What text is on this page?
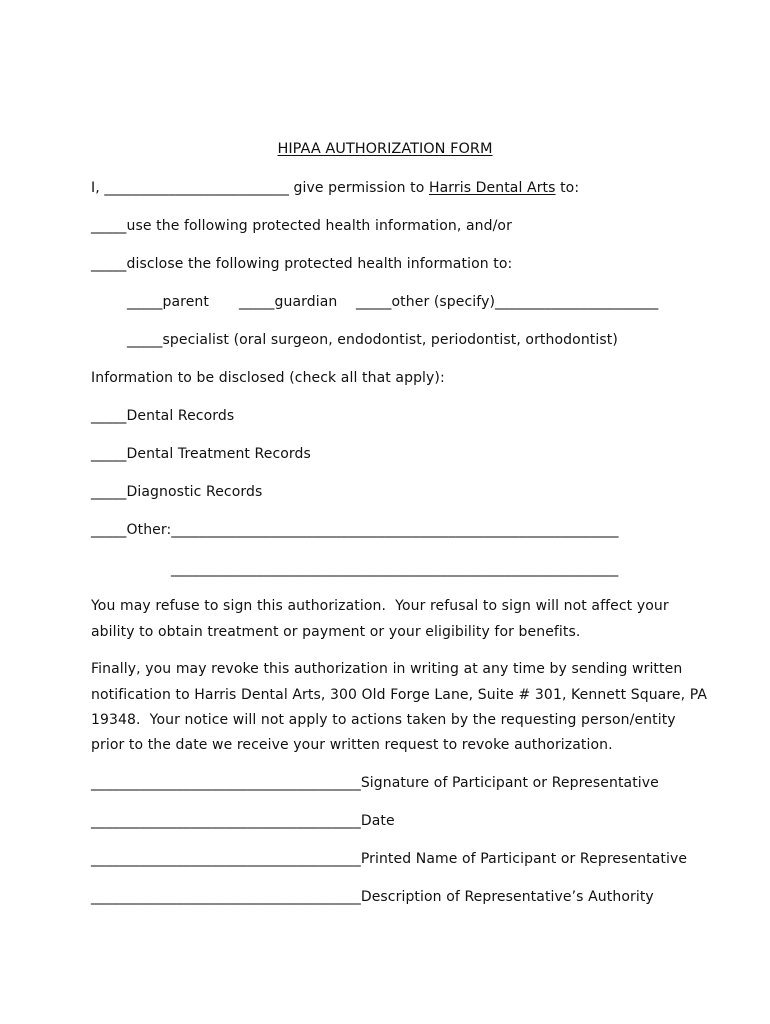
HIPAA AUTHORIZATION FORM
I, __________________________ give permission to Harris Dental Arts to:
_____use the following protected health information, and/or
_____disclose the following protected health information to:
_____parent _____guardian _____other (specify)_______________________
_____specialist (oral surgeon, endodontist, periodontist, orthodontist)
Information to be disclosed (check all that apply):
_____Dental Records
_____Dental Treatment Records
_____Diagnostic Records
_____Other:_______________________________________________________________
_______________________________________________________________
You may refuse to sign this authorization.  Your refusal to sign will not affect your
ability to obtain treatment or payment or your eligibility for benefits.
Finally, you may revoke this authorization in writing at any time by sending written
notification to Harris Dental Arts, 300 Old Forge Lane, Suite # 301, Kennett Square, PA
19348.  Your notice will not apply to actions taken by the requesting person/entity
prior to the date we receive your written request to revoke authorization.
______________________________________Signature of Participant or Representative
______________________________________Date
______________________________________Printed Name of Participant or Representative
______________________________________Description of Representative’s Authority
